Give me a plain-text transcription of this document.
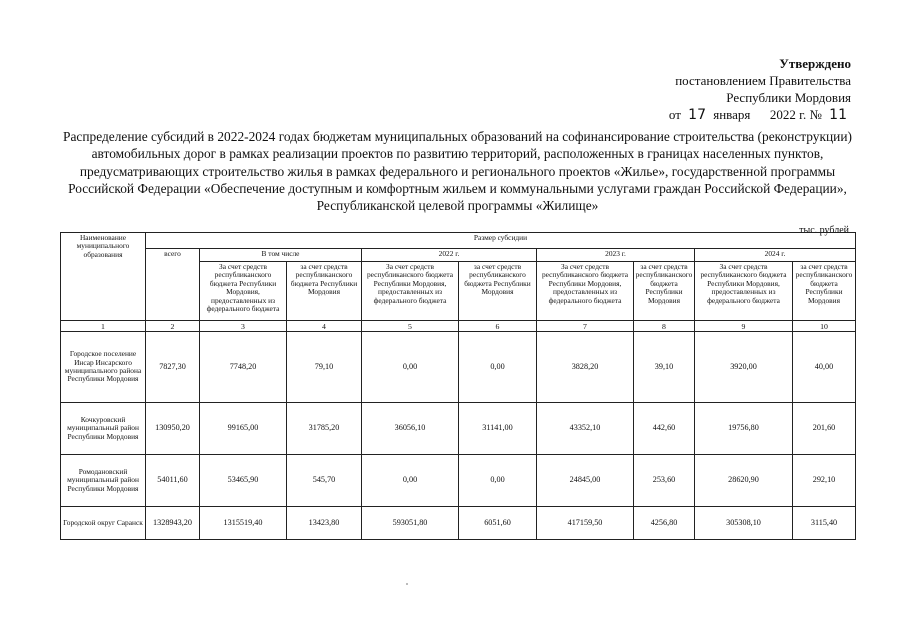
Утверждено
постановлением Правительства
Республики Мордовия
от 17 января 2022 г. № 11
Распределение субсидий в 2022-2024 годах бюджетам муниципальных образований на софинансирование строительства (реконструкции) автомобильных дорог в рамках реализации проектов по развитию территорий, расположенных в границах населенных пунктов, предусматривающих строительство жилья в рамках федерального и регионального проектов «Жилье», государственной программы Российской Федерации «Обеспечение доступным и комфортным жильем и коммунальными услугами граждан Российской Федерации», Республиканской целевой программы «Жилище»
тыс. рублей
Наименование муниципального образования	Размер субсидии								
	всего	В том числе		2022 г.		2023 г.		2024 г.	
		За счет средств республиканского бюджета Республики Мордовия, предоставленных из федерального бюджета	за счет средств республиканского бюджета Республики Мордовия	За счет средств республиканского бюджета Республики Мордовия, предоставленных из федерального бюджета	за счет средств республиканского бюджета Республики Мордовия	За счет средств республиканского бюджета Республики Мордовия, предоставленных из федерального бюджета	за счет средств республиканского бюджета Республики Мордовия	За счет средств республиканского бюджета Республики Мордовия, предоставленных из федерального бюджета	за счет средств республиканского бюджета Республики Мордовия
1	2	3	4	5	6	7	8	9	10
Городское поселение Инсар Инсарского муниципального района Республики Мордовия	7827,30	7748,20	79,10	0,00	0,00	3828,20	39,10	3920,00	40,00
Кочкуровский муниципальный район Республики Мордовия	130950,20	99165,00	31785,20	36056,10	31141,00	43352,10	442,60	19756,80	201,60
Ромодановский муниципальный район Республики Мордовия	54011,60	53465,90	545,70	0,00	0,00	24845,00	253,60	28620,90	292,10
Городской округ Саранск	1328943,20	1315519,40	13423,80	593051,80	6051,60	417159,50	4256,80	305308,10	3115,40
